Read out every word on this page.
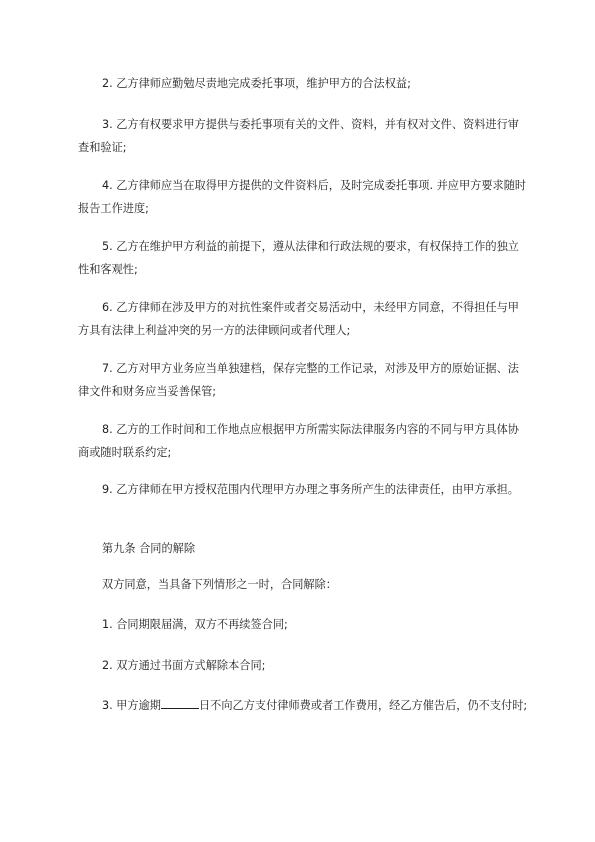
2. 乙方律师应勤勉尽责地完成委托事项，维护甲方的合法权益;

3. 乙方有权要求甲方提供与委托事项有关的文件、资料，并有权对文件、资料进行审查和验证;

4. 乙方律师应当在取得甲方提供的文件资料后，及时完成委托事项. 并应甲方要求随时报告工作进度;

5. 乙方在维护甲方利益的前提下，遵从法律和行政法规的要求，有权保持工作的独立性和客观性;

6. 乙方律师在涉及甲方的对抗性案件或者交易活动中，未经甲方同意，不得担任与甲方具有法律上利益冲突的另一方的法律顾问或者代理人;

7. 乙方对甲方业务应当单独建档，保存完整的工作记录，对涉及甲方的原始证据、法律文件和财务应当妥善保管;

8. 乙方的工作时间和工作地点应根据甲方所需实际法律服务内容的不同与甲方具体协商或随时联系约定;

9. 乙方律师在甲方授权范围内代理甲方办理之事务所产生的法律责任，由甲方承担。

第九条 合同的解除

双方同意，当具备下列情形之一时，合同解除：

1. 合同期限届满，双方不再续签合同;

2. 双方通过书面方式解除本合同;

3. 甲方逾期	日不向乙方支付律师费或者工作费用，经乙方催告后，仍不支付时;
